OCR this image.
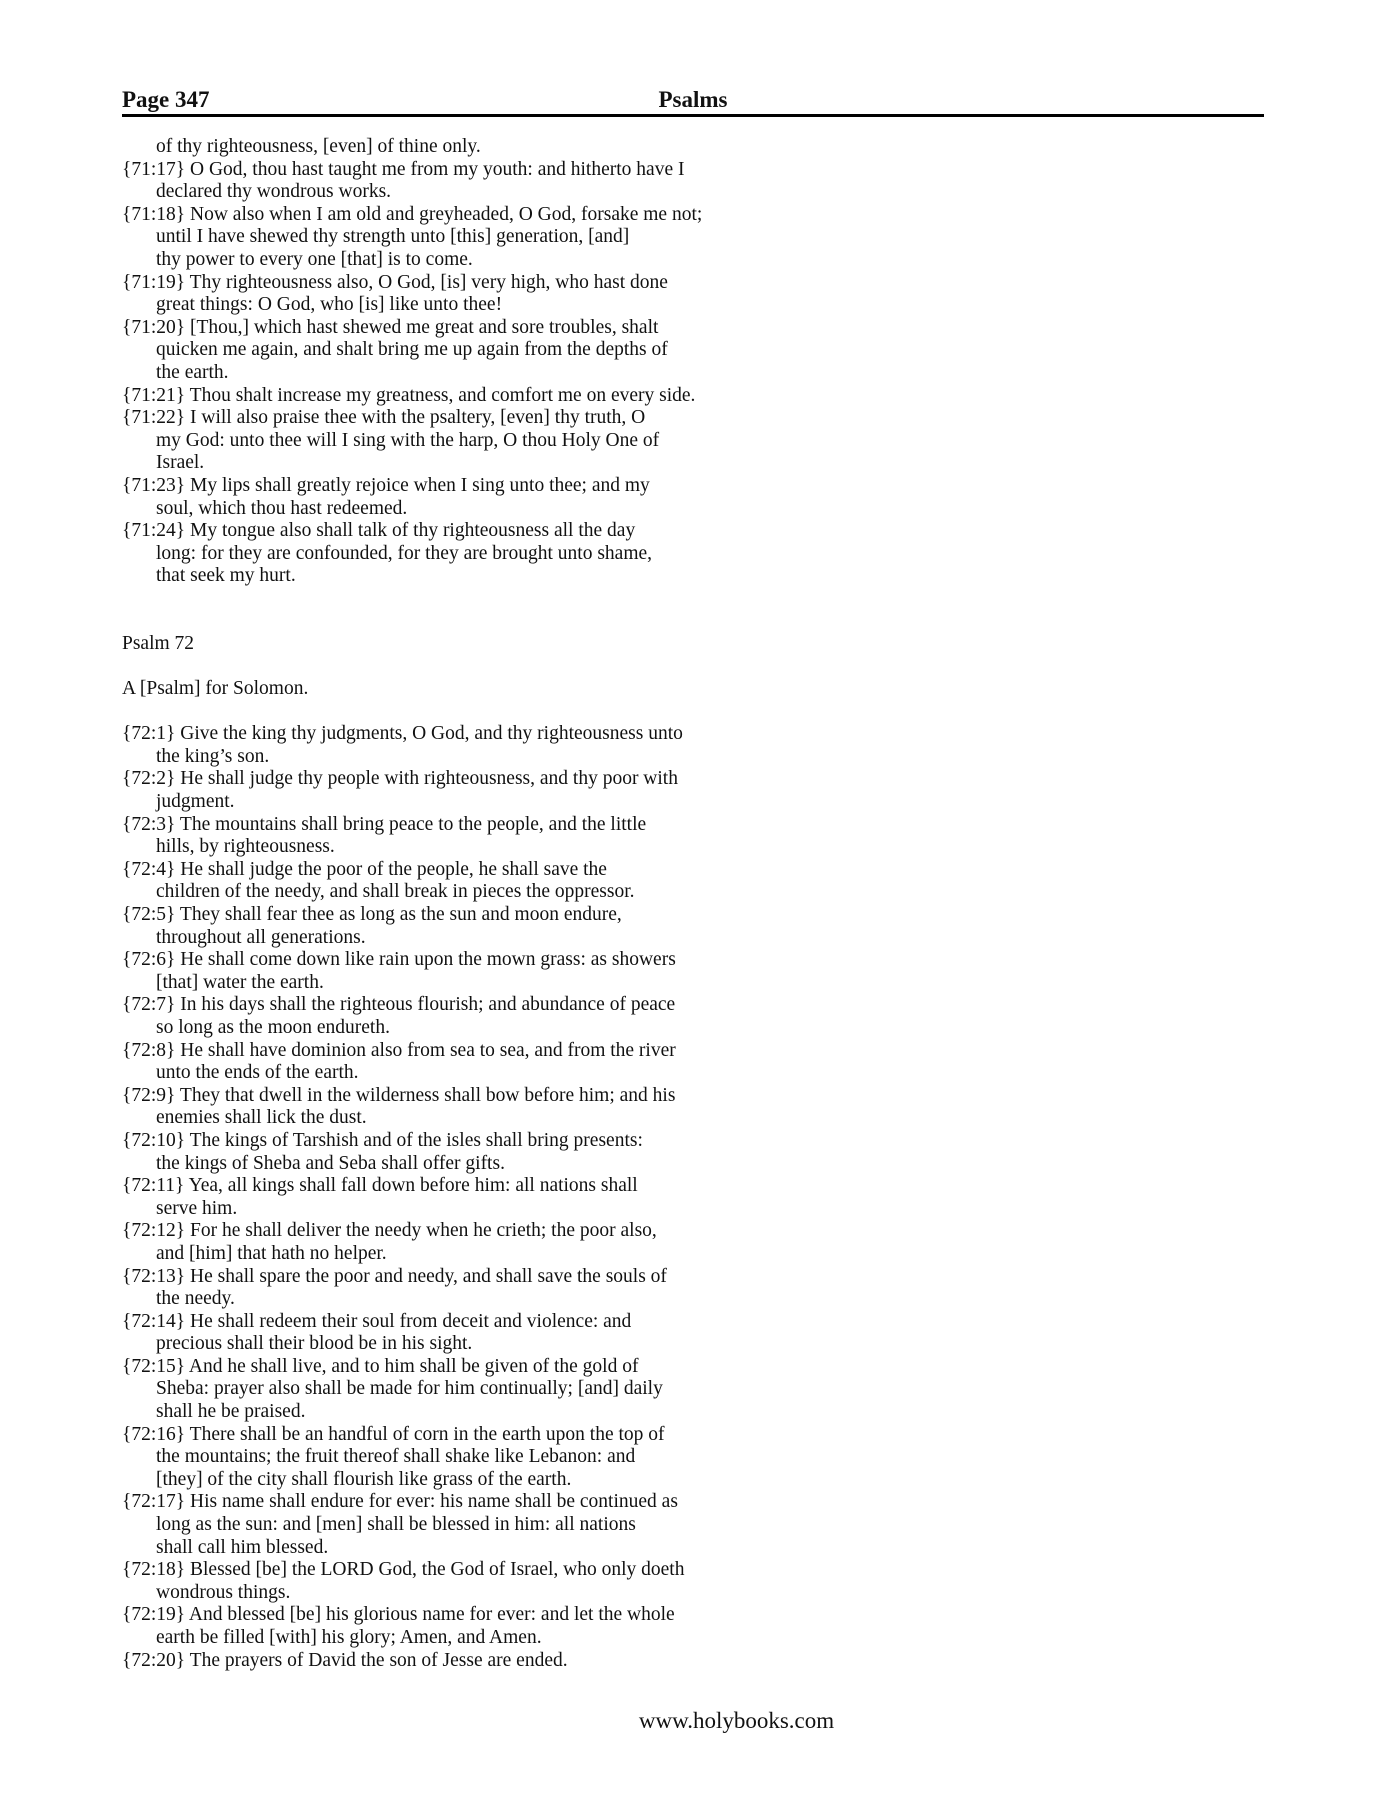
Page 347	Psalms
of thy righteousness, [even] of thine only.
{71:17} O God, thou hast taught me from my youth: and hitherto have I
declared thy wondrous works.
{71:18} Now also when I am old and greyheaded, O God, forsake me not;
until I have shewed thy strength unto [this] generation, [and]
thy power to every one [that] is to come.
{71:19} Thy righteousness also, O God, [is] very high, who hast done
great things: O God, who [is] like unto thee!
{71:20} [Thou,] which hast shewed me great and sore troubles, shalt
quicken me again, and shalt bring me up again from the depths of
the earth.
{71:21} Thou shalt increase my greatness, and comfort me on every side.
{71:22} I will also praise thee with the psaltery, [even] thy truth, O
my God: unto thee will I sing with the harp, O thou Holy One of
Israel.
{71:23} My lips shall greatly rejoice when I sing unto thee; and my
soul, which thou hast redeemed.
{71:24} My tongue also shall talk of thy righteousness all the day
long: for they are confounded, for they are brought unto shame,
that seek my hurt.
Psalm 72
A [Psalm] for Solomon.
{72:1} Give the king thy judgments, O God, and thy righteousness unto
the king’s son.
{72:2} He shall judge thy people with righteousness, and thy poor with
judgment.
{72:3} The mountains shall bring peace to the people, and the little
hills, by righteousness.
{72:4} He shall judge the poor of the people, he shall save the
children of the needy, and shall break in pieces the oppressor.
{72:5} They shall fear thee as long as the sun and moon endure,
throughout all generations.
{72:6} He shall come down like rain upon the mown grass: as showers
[that] water the earth.
{72:7} In his days shall the righteous flourish; and abundance of peace
so long as the moon endureth.
{72:8} He shall have dominion also from sea to sea, and from the river
unto the ends of the earth.
{72:9} They that dwell in the wilderness shall bow before him; and his
enemies shall lick the dust.
{72:10} The kings of Tarshish and of the isles shall bring presents:
the kings of Sheba and Seba shall offer gifts.
{72:11} Yea, all kings shall fall down before him: all nations shall
serve him.
{72:12} For he shall deliver the needy when he crieth; the poor also,
and [him] that hath no helper.
{72:13} He shall spare the poor and needy, and shall save the souls of
the needy.
{72:14} He shall redeem their soul from deceit and violence: and
precious shall their blood be in his sight.
{72:15} And he shall live, and to him shall be given of the gold of
Sheba: prayer also shall be made for him continually; [and] daily
shall he be praised.
{72:16} There shall be an handful of corn in the earth upon the top of
the mountains; the fruit thereof shall shake like Lebanon: and
[they] of the city shall flourish like grass of the earth.
{72:17} His name shall endure for ever: his name shall be continued as
long as the sun: and [men] shall be blessed in him: all nations
shall call him blessed.
{72:18} Blessed [be] the LORD God, the God of Israel, who only doeth
wondrous things.
{72:19} And blessed [be] his glorious name for ever: and let the whole
earth be filled [with] his glory; Amen, and Amen.
{72:20} The prayers of David the son of Jesse are ended.
www.holybooks.com
